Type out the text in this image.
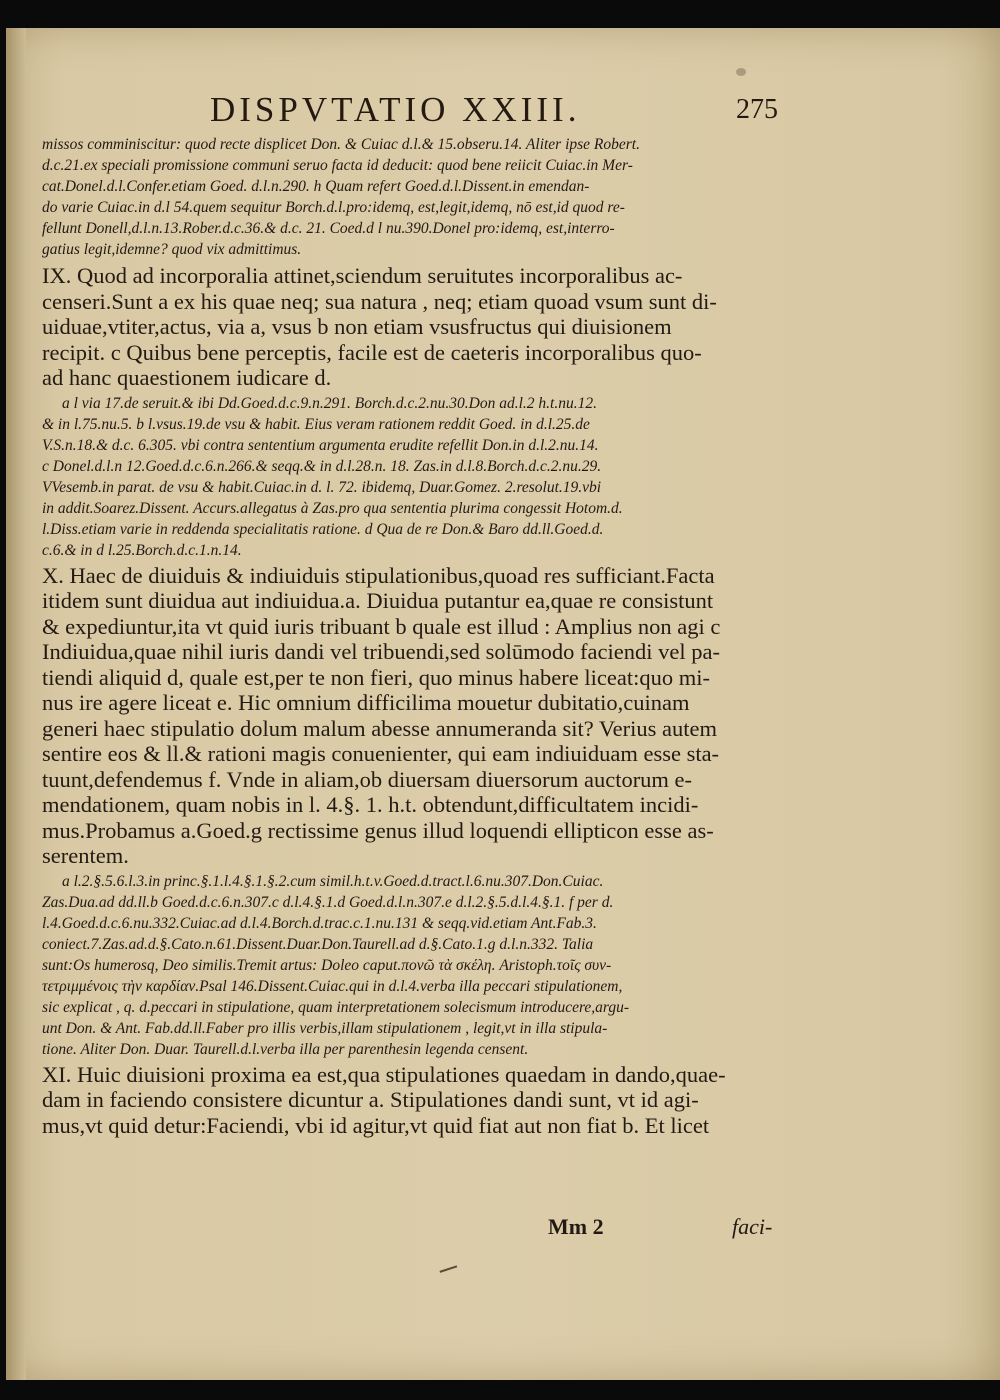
DISPVTATIO XXIII.	275
missos comminiscitur: quod recte displicet Don. & Cuiac d.l.& 15.obseru.14. Aliter ipse Robert.
d.c.21.ex speciali promissione communi seruo facta id deducit: quod bene reiicit Cuiac.in Mer-
cat.Donel.d.l.Confer.etiam Goed. d.l.n.290. h Quam refert Goed.d.l.Dissent.in emendan-
do varie Cuiac.in d.l 54.quem sequitur Borch.d.l.pro:idemq, est,legit,idemq, nō est,id quod re-
fellunt Donell,d.l.n.13.Rober.d.c.36.& d.c. 21. Coed.d l nu.390.Donel pro:idemq, est,interro-
gatius legit,idemne? quod vix admittimus.
IX. Quod ad incorporalia attinet,sciendum seruitutes incorporalibus ac-
censeri.Sunt a ex his quae neq; sua natura , neq; etiam quoad vsum sunt di-
uiduae,vtiter,actus, via a, vsus b non etiam vsusfructus qui diuisionem
recipit. c Quibus bene perceptis, facile est de caeteris incorporalibus quo-
ad hanc quaestionem iudicare d.
a l via 17.de seruit.& ibi Dd.Goed.d.c.9.n.291. Borch.d.c.2.nu.30.Don ad.l.2 h.t.nu.12.
& in l.75.nu.5. b l.vsus.19.de vsu & habit. Eius veram rationem reddit Goed. in d.l.25.de
V.S.n.18.& d.c. 6.305. vbi contra sententium argumenta erudite refellit Don.in d.l.2.nu.14.
c Donel.d.l.n 12.Goed.d.c.6.n.266.& seqq.& in d.l.28.n. 18. Zas.in d.l.8.Borch.d.c.2.nu.29.
VVesemb.in parat. de vsu & habit.Cuiac.in d. l. 72. ibidemq, Duar.Gomez. 2.resolut.19.vbi
in addit.Soarez.Dissent. Accurs.allegatus à Zas.pro qua sententia plurima congessit Hotom.d.
l.Diss.etiam varie in reddenda specialitatis ratione. d Qua de re Don.& Baro dd.ll.Goed.d.
c.6.& in d l.25.Borch.d.c.1.n.14.
X. Haec de diuiduis & indiuiduis stipulationibus,quoad res sufficiant.Facta
itidem sunt diuidua aut indiuidua.a. Diuidua putantur ea,quae re consistunt
& expediuntur,ita vt quid iuris tribuant b quale est illud : Amplius non agi c
Indiuidua,quae nihil iuris dandi vel tribuendi,sed solūmodo faciendi vel pa-
tiendi aliquid d, quale est,per te non fieri, quo minus habere liceat:quo mi-
nus ire agere liceat e. Hic omnium difficilima mouetur dubitatio,cuinam
generi haec stipulatio dolum malum abesse annumeranda sit? Verius autem
sentire eos & ll.& rationi magis conuenienter, qui eam indiuiduam esse sta-
tuunt,defendemus f. Vnde in aliam,ob diuersam diuersorum auctorum e-
mendationem, quam nobis in l. 4.§. 1. h.t. obtendunt,difficultatem incidi-
mus.Probamus a.Goed.g rectissime genus illud loquendi ellipticon esse as-
serentem.
a l.2.§.5.6.l.3.in princ.§.1.l.4.§.1.§.2.cum simil.h.t.v.Goed.d.tract.l.6.nu.307.Don.Cuiac.
Zas.Dua.ad dd.ll.b Goed.d.c.6.n.307.c d.l.4.§.1.d Goed.d.l.n.307.e d.l.2.§.5.d.l.4.§.1. f per d.
l.4.Goed.d.c.6.nu.332.Cuiac.ad d.l.4.Borch.d.trac.c.1.nu.131 & seqq.vid.etiam Ant.Fab.3.
coniect.7.Zas.ad.d.§.Cato.n.61.Dissent.Duar.Don.Taurell.ad d.§.Cato.1.g d.l.n.332. Talia
sunt:Os humerosq, Deo similis.Tremit artus: Doleo caput.πονῶ τὰ σκέλη. Aristoph.τοῖς συν-
τετριμμένοις τὴν καρδίαν.Psal 146.Dissent.Cuiac.qui in d.l.4.verba illa peccari stipulationem,
sic explicat , q. d.peccari in stipulatione, quam interpretationem solecismum introducere,argu-
unt Don. & Ant. Fab.dd.ll.Faber pro illis verbis,illam stipulationem , legit,vt in illa stipula-
tione. Aliter Don. Duar. Taurell.d.l.verba illa per parenthesin legenda censent.
XI. Huic diuisioni proxima ea est,qua stipulationes quaedam in dando,quae-
dam in faciendo consistere dicuntur a. Stipulationes dandi sunt, vt id agi-
mus,vt quid detur:Faciendi, vbi id agitur,vt quid fiat aut non fiat b. Et licet
Mm 2	faci-
